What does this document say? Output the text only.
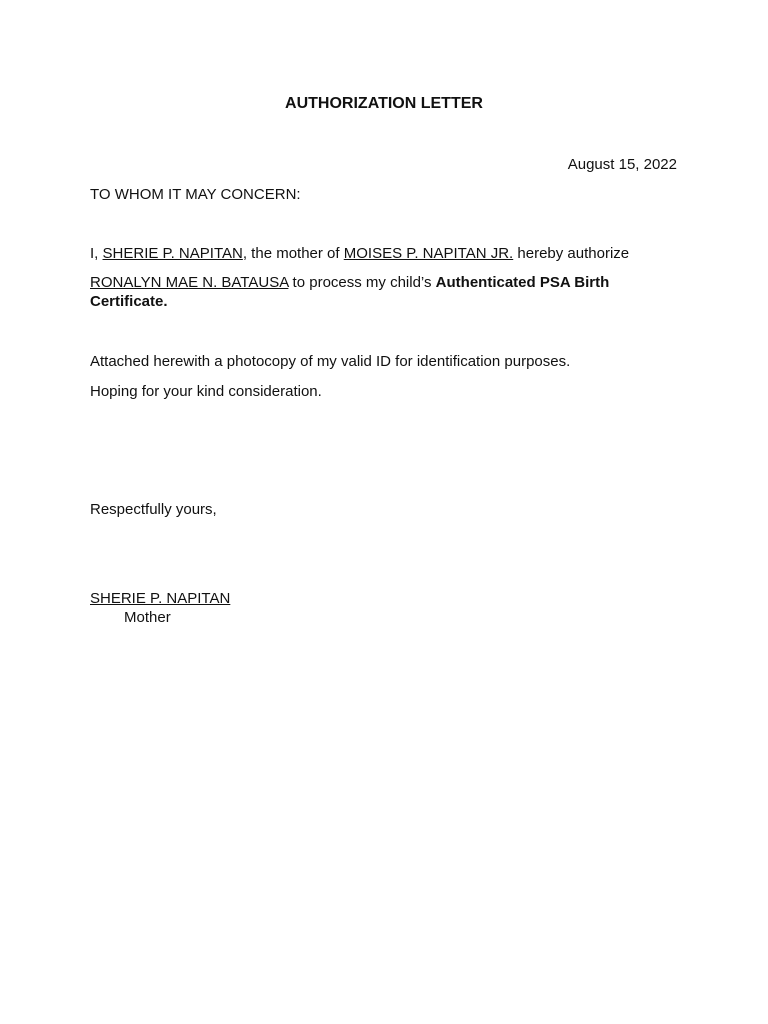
AUTHORIZATION LETTER
August 15, 2022
TO WHOM IT MAY CONCERN:
I, SHERIE P. NAPITAN, the mother of MOISES P. NAPITAN JR. hereby authorize
RONALYN MAE N. BATAUSA to process my child’s Authenticated PSA Birth Certificate.
Attached herewith a photocopy of my valid ID for identification purposes.
Hoping for your kind consideration.
Respectfully yours,
SHERIE P. NAPITAN
Mother
